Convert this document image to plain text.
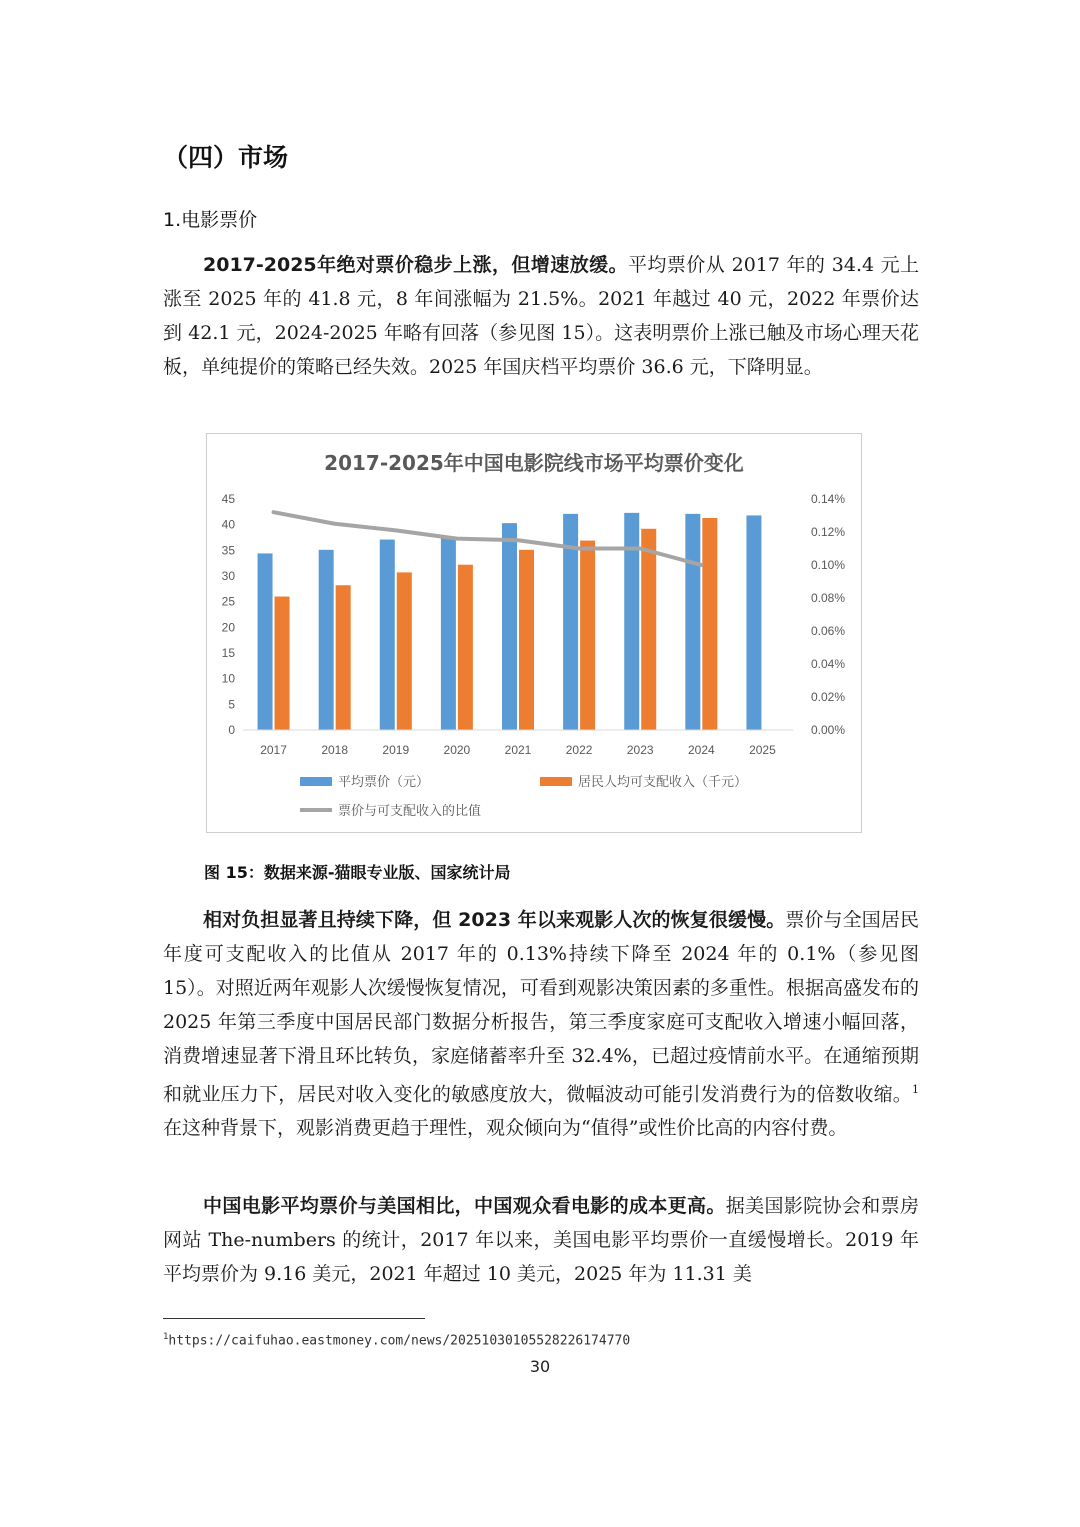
（四）市场
1.电影票价

2017-2025年绝对票价稳步上涨，但增速放缓。平均票价从 2017 年的 34.4 元上涨至 2025 年的 41.8 元，8 年间涨幅为 21.5%。2021 年越过 40 元，2022 年票价达到 42.1 元，2024-2025 年略有回落（参见图 15）。这表明票价上涨已触及市场心理天花板，单纯提价的策略已经失效。2025 年国庆档平均票价 36.6 元，下降明显。

2017-2025年中国电影院线市场平均票价变化
0
5
10
15
20
25
30
35
40
45
0.00%
0.02%
0.04%
0.06%
0.08%
0.10%
0.12%
0.14%
2017	2018	2019	2020	2021	2022	2023	2024	2025
平均票价（元）	居民人均可支配收入（千元）
票价与可支配收入的比值
图 15：数据来源-猫眼专业版、国家统计局

相对负担显著且持续下降，但 2023 年以来观影人次的恢复很缓慢。票价与全国居民年度可支配收入的比值从 2017 年的 0.13%持续下降至 2024 年的 0.1%（参见图 15）。对照近两年观影人次缓慢恢复情况，可看到观影决策因素的多重性。根据高盛发布的 2025 年第三季度中国居民部门数据分析报告，第三季度家庭可支配收入增速小幅回落，消费增速显著下滑且环比转负，家庭储蓄率升至 32.4%，已超过疫情前水平。在通缩预期和就业压力下，居民对收入变化的敏感度放大，微幅波动可能引发消费行为的倍数收缩。$^1$在这种背景下，观影消费更趋于理性，观众倾向为“值得”或性价比高的内容付费。

中国电影平均票价与美国相比，中国观众看电影的成本更高。据美国影院协会和票房网站 The-numbers 的统计，2017 年以来，美国电影平均票价一直缓慢增长。2019 年平均票价为 9.16 美元，2021 年超过 10 美元，2025 年为 11.31 美

$^1$https://caifuhao.eastmoney.com/news/20251030105528226174770
30
